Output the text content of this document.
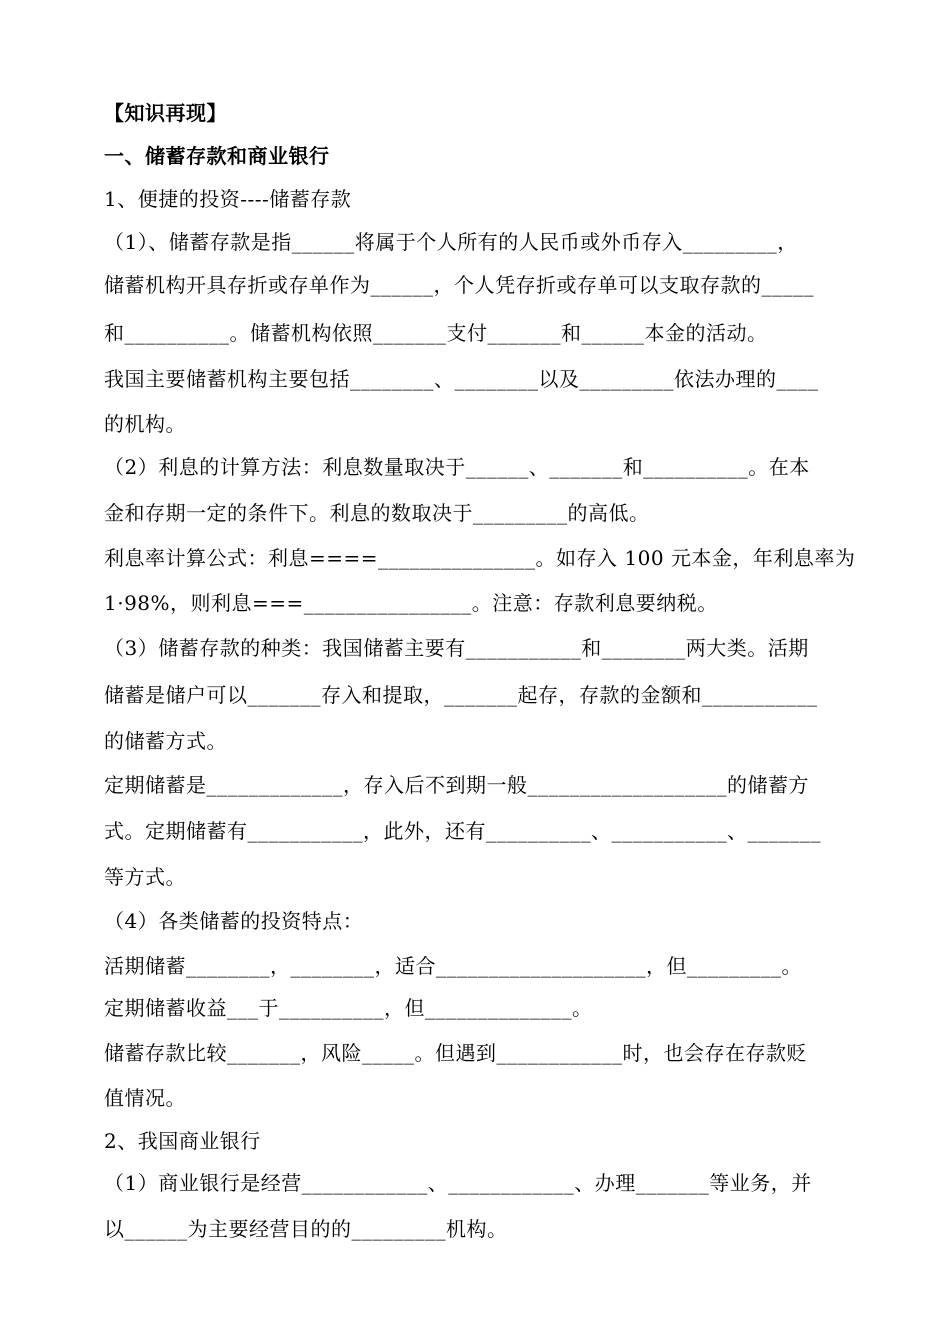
【知识再现】
一、储蓄存款和商业银行
1、便捷的投资----储蓄存款
（1）、储蓄存款是指______将属于个人所有的人民币或外币存入_________，
储蓄机构开具存折或存单作为______，个人凭存折或存单可以支取存款的_____
和__________。储蓄机构依照_______支付_______和______本金的活动。
我国主要储蓄机构主要包括________、________以及_________依法办理的____
的机构。
（2）利息的计算方法：利息数量取决于______、_______和__________。在本
金和存期一定的条件下。利息的数取决于_________的高低。
利息率计算公式：利息====_______________。如存入 100 元本金，年利息率为
1·98%，则利息===________________。注意：存款利息要纳税。
（3）储蓄存款的种类：我国储蓄主要有___________和________两大类。活期
储蓄是储户可以_______存入和提取，_______起存，存款的金额和___________
的储蓄方式。
定期储蓄是_____________，存入后不到期一般___________________的储蓄方
式。定期储蓄有___________，此外，还有__________、___________、_______
等方式。
（4）各类储蓄的投资特点：
活期储蓄________，________，适合____________________，但_________。
定期储蓄收益___于__________，但______________。
储蓄存款比较_______，风险_____。但遇到____________时，也会存在存款贬
值情况。
2、我国商业银行
（1）商业银行是经营____________、____________、办理_______等业务，并
以______为主要经营目的的_________机构。
